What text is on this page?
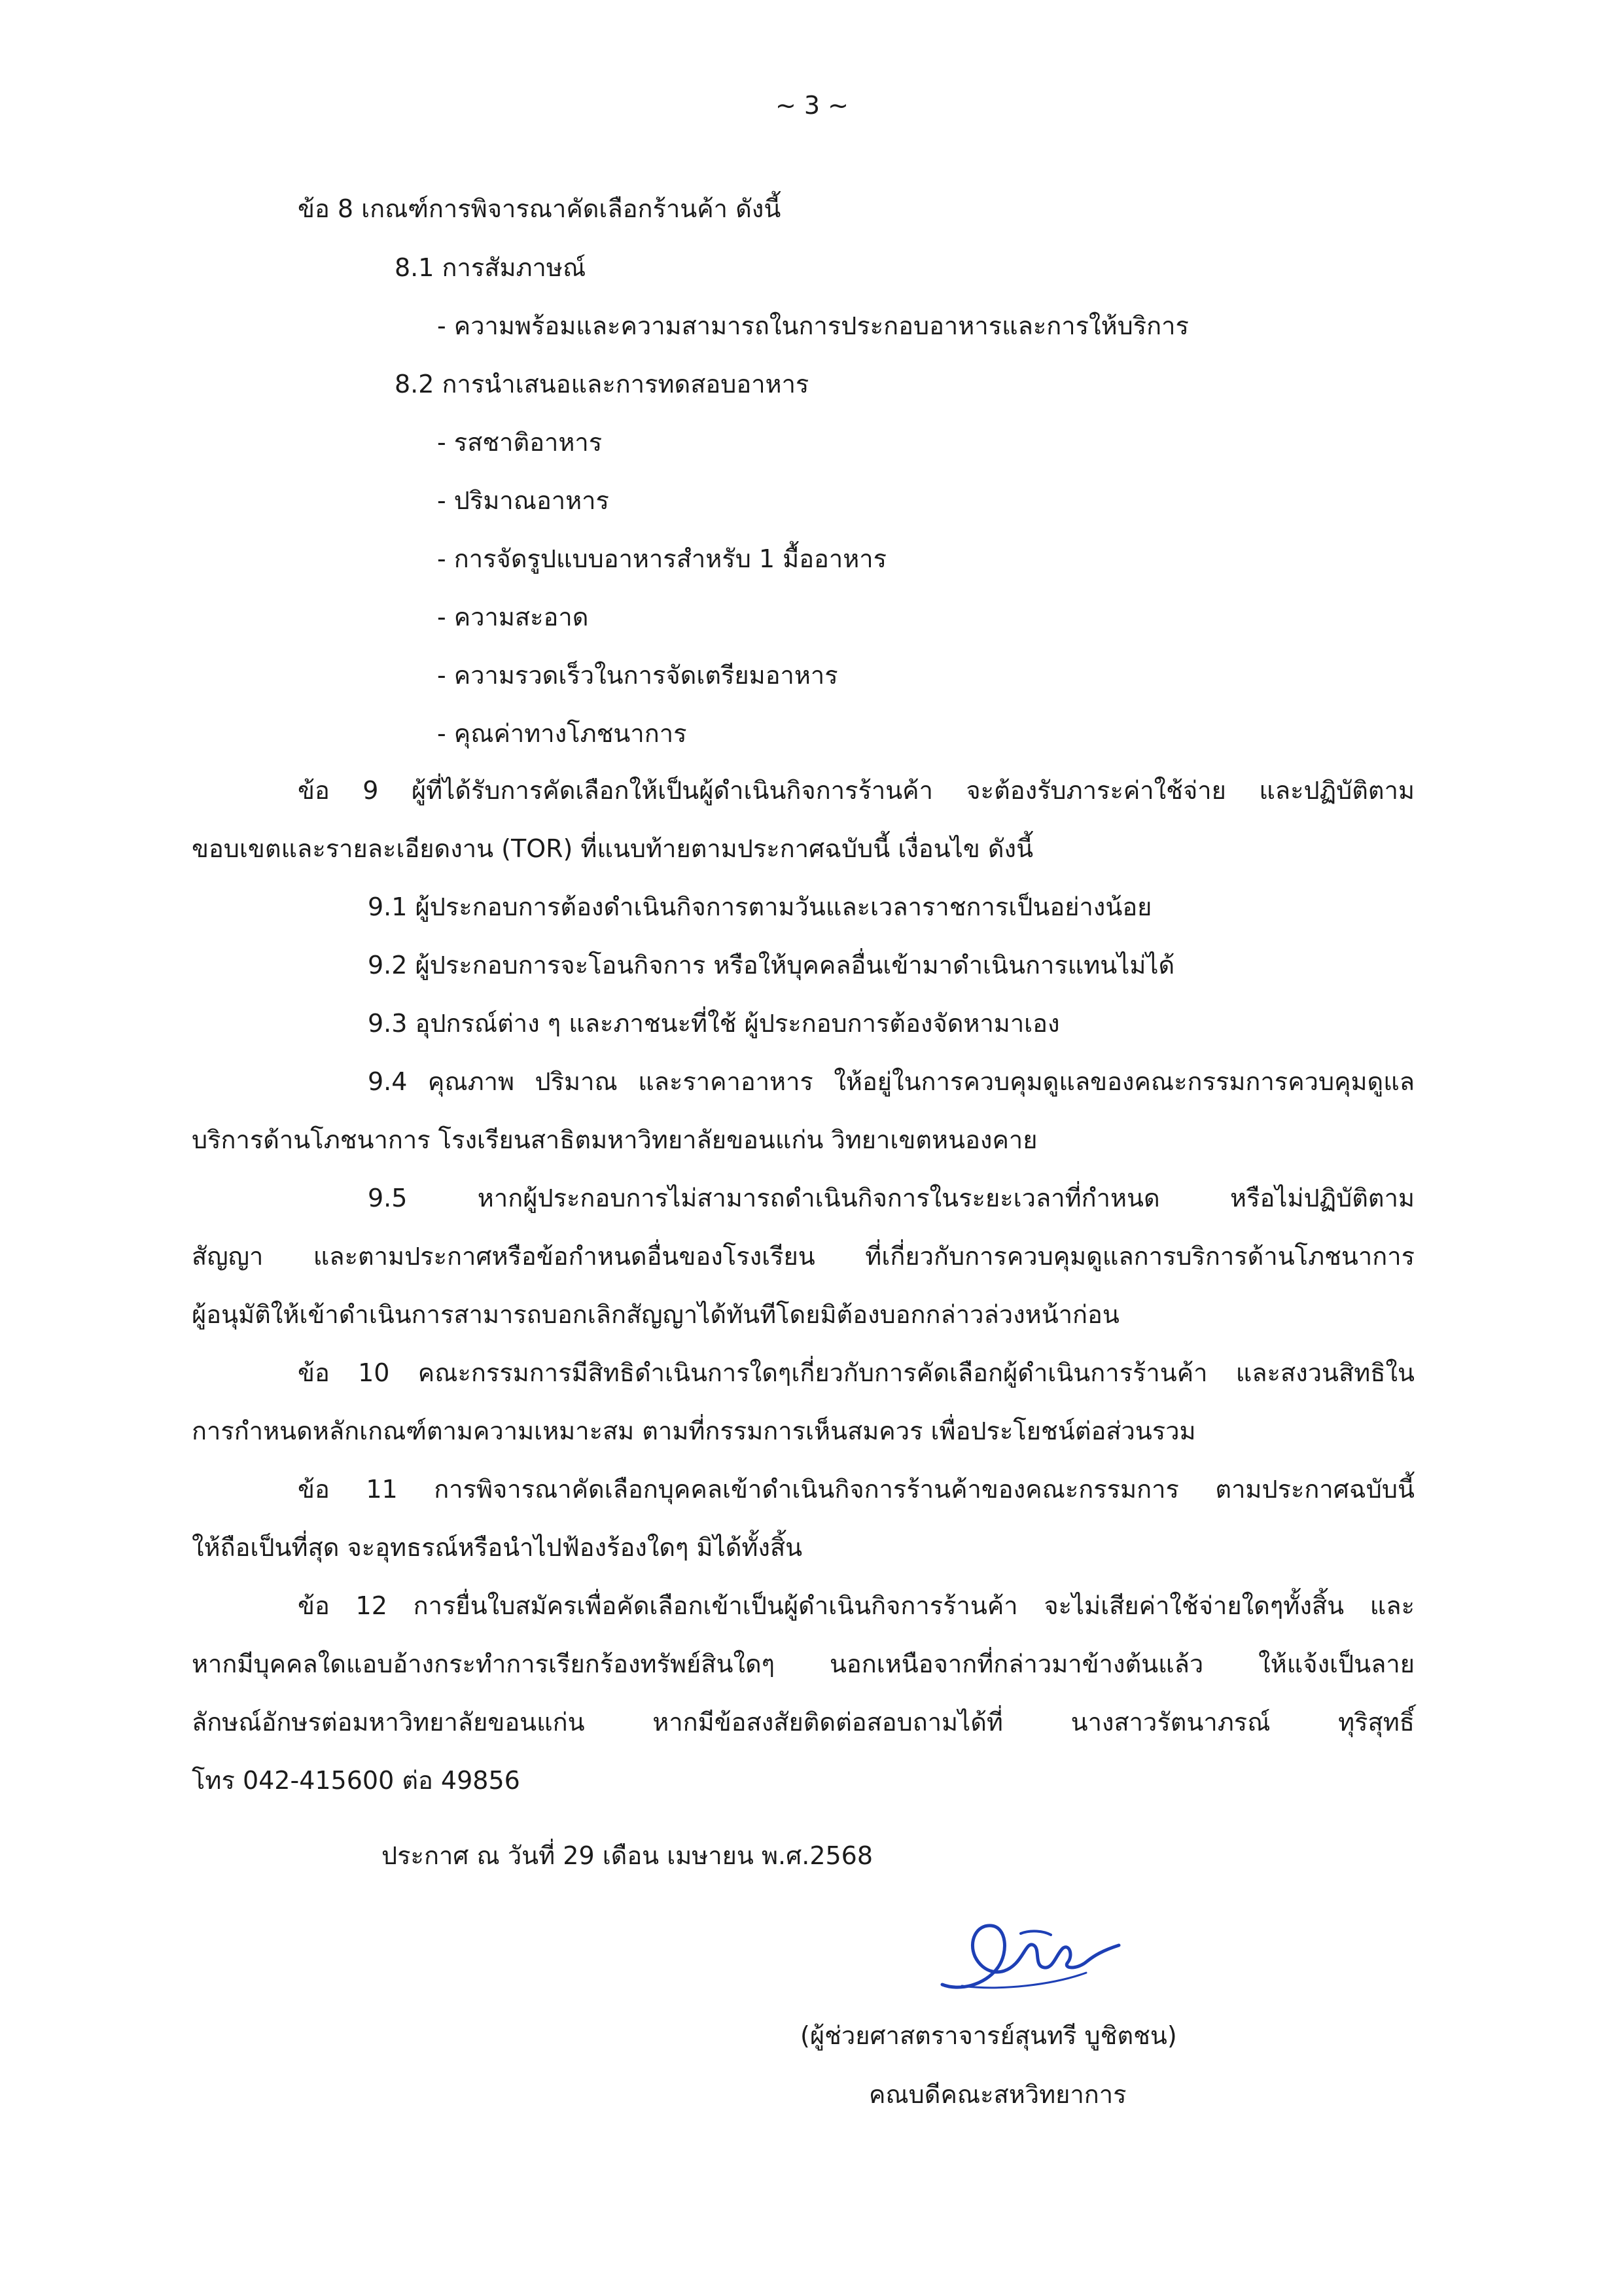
~ 3 ~
ข้อ 8 เกณฑ์การพิจารณาคัดเลือกร้านค้า ดังนี้
8.1 การสัมภาษณ์
- ความพร้อมและความสามารถในการประกอบอาหารและการให้บริการ
8.2 การนำเสนอและการทดสอบอาหาร
- รสชาติอาหาร
- ปริมาณอาหาร
- การจัดรูปแบบอาหารสำหรับ 1 มื้ออาหาร
- ความสะอาด
- ความรวดเร็วในการจัดเตรียมอาหาร
- คุณค่าทางโภชนาการ
ข้อ 9 ผู้ที่ได้รับการคัดเลือกให้เป็นผู้ดำเนินกิจการร้านค้า จะต้องรับภาระค่าใช้จ่าย และปฏิบัติตาม
ขอบเขตและรายละเอียดงาน (TOR) ที่แนบท้ายตามประกาศฉบับนี้ เงื่อนไข ดังนี้
9.1 ผู้ประกอบการต้องดำเนินกิจการตามวันและเวลาราชการเป็นอย่างน้อย
9.2 ผู้ประกอบการจะโอนกิจการ หรือให้บุคคลอื่นเข้ามาดำเนินการแทนไม่ได้
9.3 อุปกรณ์ต่าง ๆ และภาชนะที่ใช้ ผู้ประกอบการต้องจัดหามาเอง
9.4 คุณภาพ ปริมาณ และราคาอาหาร ให้อยู่ในการควบคุมดูแลของคณะกรรมการควบคุมดูแล
บริการด้านโภชนาการ โรงเรียนสาธิตมหาวิทยาลัยขอนแก่น วิทยาเขตหนองคาย
9.5 หากผู้ประกอบการไม่สามารถดำเนินกิจการในระยะเวลาที่กำหนด หรือไม่ปฏิบัติตาม
สัญญา และตามประกาศหรือข้อกำหนดอื่นของโรงเรียน ที่เกี่ยวกับการควบคุมดูแลการบริการด้านโภชนาการ
ผู้อนุมัติให้เข้าดำเนินการสามารถบอกเลิกสัญญาได้ทันทีโดยมิต้องบอกกล่าวล่วงหน้าก่อน
ข้อ 10 คณะกรรมการมีสิทธิดำเนินการใดๆเกี่ยวกับการคัดเลือกผู้ดำเนินการร้านค้า และสงวนสิทธิใน
การกำหนดหลักเกณฑ์ตามความเหมาะสม ตามที่กรรมการเห็นสมควร เพื่อประโยชน์ต่อส่วนรวม
ข้อ 11 การพิจารณาคัดเลือกบุคคลเข้าดำเนินกิจการร้านค้าของคณะกรรมการ ตามประกาศฉบับนี้
ให้ถือเป็นที่สุด จะอุทธรณ์หรือนำไปฟ้องร้องใดๆ มิได้ทั้งสิ้น
ข้อ 12 การยื่นใบสมัครเพื่อคัดเลือกเข้าเป็นผู้ดำเนินกิจการร้านค้า จะไม่เสียค่าใช้จ่ายใดๆทั้งสิ้น และ
หากมีบุคคลใดแอบอ้างกระทำการเรียกร้องทรัพย์สินใดๆ นอกเหนือจากที่กล่าวมาข้างต้นแล้ว ให้แจ้งเป็นลาย
ลักษณ์อักษรต่อมหาวิทยาลัยขอนแก่น หากมีข้อสงสัยติดต่อสอบถามได้ที่ นางสาวรัตนาภรณ์ ทุริสุทธิ์
โทร 042-415600 ต่อ 49856
ประกาศ ณ วันที่ 29 เดือน เมษายน พ.ศ.2568
(ผู้ช่วยศาสตราจารย์สุนทรี บูชิตชน)
คณบดีคณะสหวิทยาการ
